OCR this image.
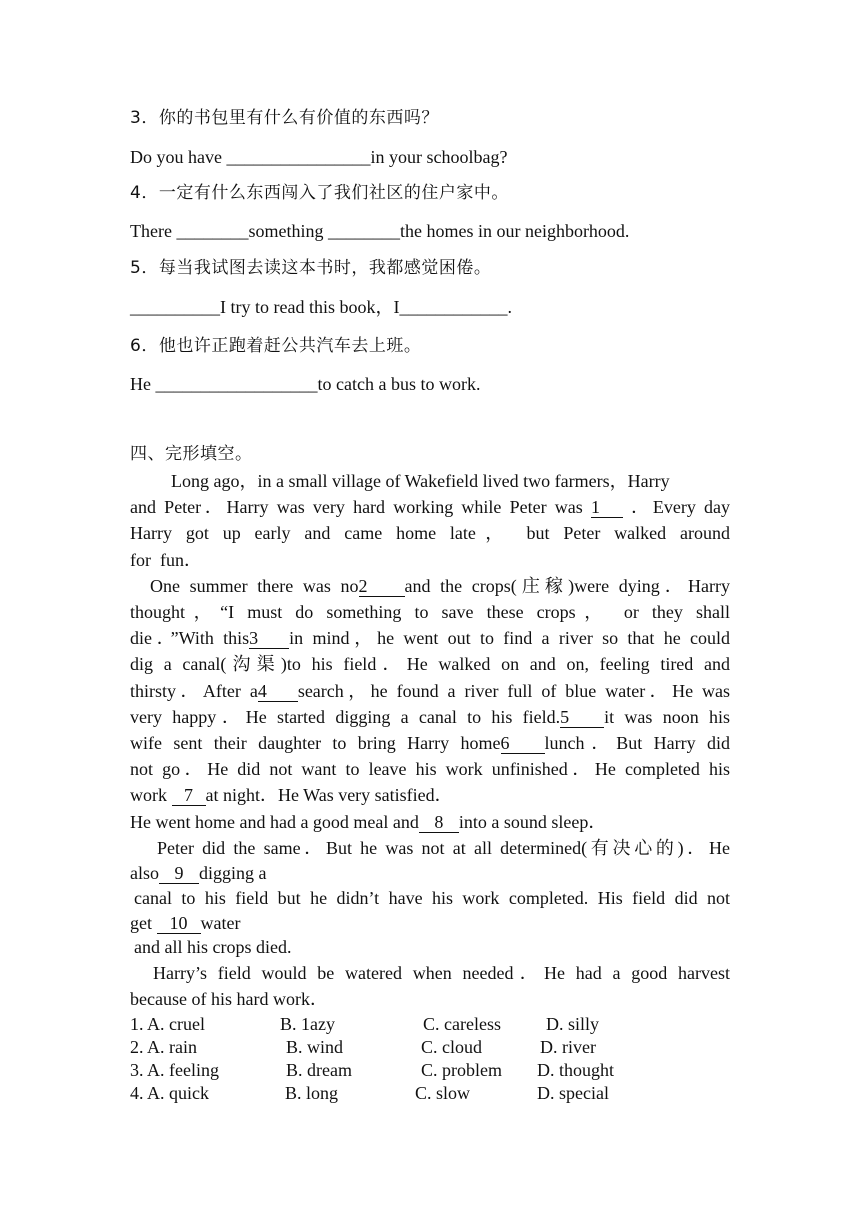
3．你的书包里有什么有价值的东西吗？
Do you have ________________in your schoolbag?
4．一定有什么东西闯入了我们社区的住户家中。
There ________something ________the homes in our neighborhood.
5．每当我试图去读这本书时，我都感觉困倦。
__________I try to read this book，I____________.
6．他也许正跑着赶公共汽车去上班。
He __________________to catch a bus to work.
四、完形填空。
Long ago，in a small village of Wakefield lived two farmers，Harry
and Peter．Harry was very hard working while Peter was 1 ．Every day
Harry got up early and came home late， but Peter walked around
for  fun．
One summer there was no2 and the crops(庄稼)were dying．Harry
thought，“I must do something to save these crops， or they shall
die．”With this3 in mind，he went out to find a river so that he could
dig a canal(沟渠)to his field．He walked on and on, feeling tired and
thirsty．After a4 search，he found a river full of blue water．He was
very happy．He started digging a canal to his field.5 it was noon his
wife sent their daughter to bring Harry home6 lunch．But Harry did
not go．He did not want to leave his work unfinished．He completed his
work 7 at night．He Was very satisfied．
He went home and had a good meal and 8 into a sound sleep．
Peter did the same．But he was not at all determined(有决心的)．He
also 9 digging a
canal to his field but he didn’t have his work completed. His field did not
get 10 water
and all his crops died.
Harry’s field would be watered when needed．He had a good harvest
because of his hard work．
1. A. cruel	B. 1azy	C. careless	D. silly
2. A. rain	B. wind	C. cloud	D. river
3. A. feeling	B. dream	C. problem D. thought
4. A. quick	B. long	C. slow	D. special
